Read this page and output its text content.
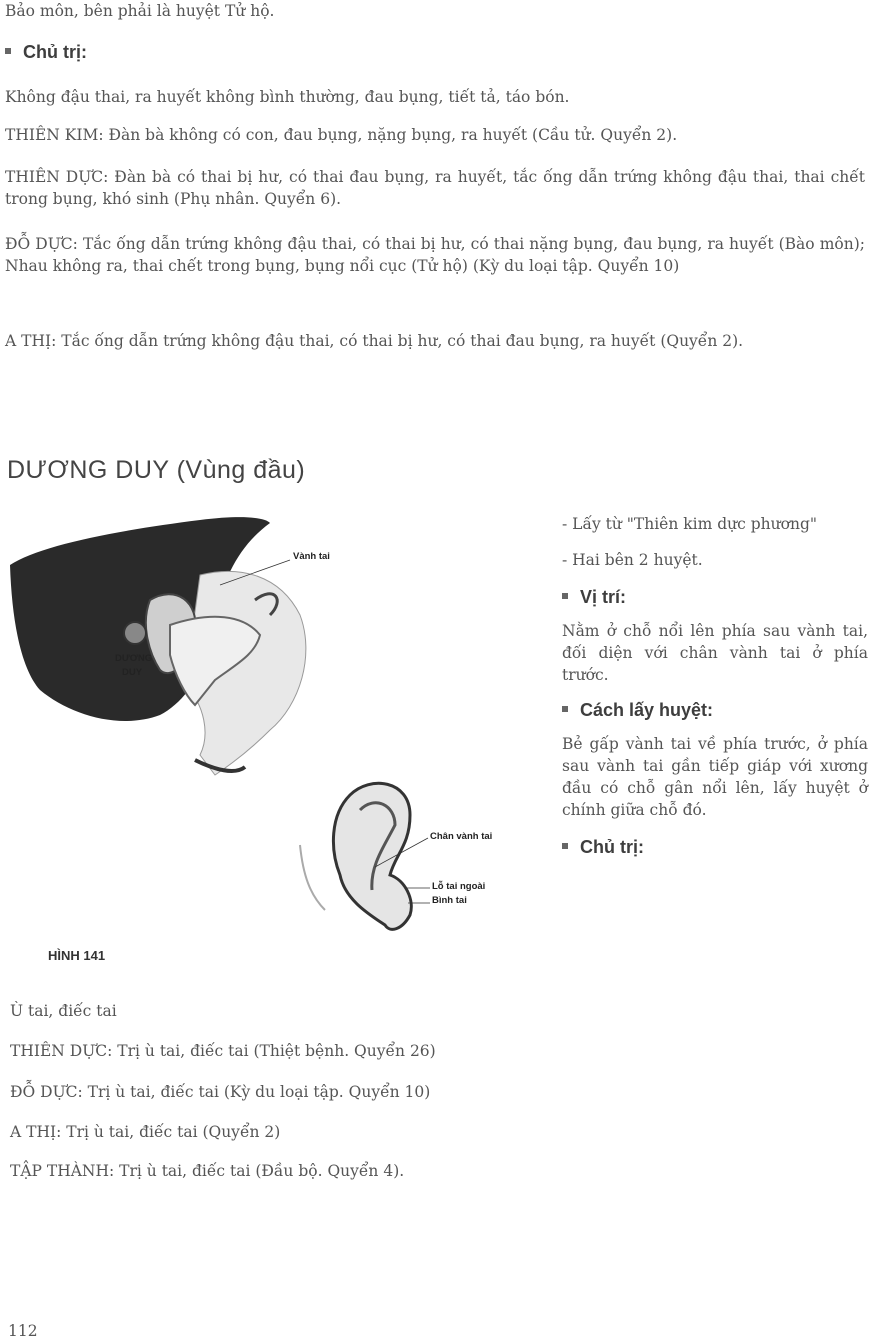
Bảo môn, bên phải là huyệt Tử hộ.
Chủ trị:
Không đậu thai, ra huyết không bình thường, đau bụng, tiết tả, táo bón.
THIÊN KIM: Đàn bà không có con, đau bụng, nặng bụng, ra huyết (Cầu tử. Quyển 2).
THIÊN DỰC: Đàn bà có thai bị hư, có thai đau bụng, ra huyết, tắc ống dẫn trứng không đậu thai, thai chết trong bụng, khó sinh (Phụ nhân. Quyển 6).
ĐỖ DỰC: Tắc ống dẫn trứng không đậu thai, có thai bị hư, có thai nặng bụng, đau bụng, ra huyết (Bào môn); Nhau không ra, thai chết trong bụng, bụng nổi cục (Tử hộ) (Kỳ du loại tập. Quyển 10)
A THỊ: Tắc ống dẫn trứng không đậu thai, có thai bị hư, có thai đau bụng, ra huyết (Quyển 2).
DƯƠNG DUY (Vùng đầu)
Vành tai
DƯƠNG
DUY
Chân vành tai
Lỗ tai ngoài
Bình tai
HÌNH 141
- Lấy từ "Thiên kim dực phương"
- Hai bên 2 huyệt.
Vị trí:
Nằm ở chỗ nổi lên phía sau vành tai, đối diện với chân vành tai ở phía trước.
Cách lấy huyệt:
Bẻ gấp vành tai về phía trước, ở phía sau vành tai gần tiếp giáp với xương đầu có chỗ gân nổi lên, lấy huyệt ở chính giữa chỗ đó.
Chủ trị:
Ù tai, điếc tai
THIÊN DỰC: Trị ù tai, điếc tai (Thiệt bệnh. Quyển 26)
ĐỖ DỰC: Trị ù tai, điếc tai (Kỳ du loại tập. Quyển 10)
A THỊ: Trị ù tai, điếc tai (Quyển 2)
TẬP THÀNH: Trị ù tai, điếc tai (Đầu bộ. Quyển 4).
112
